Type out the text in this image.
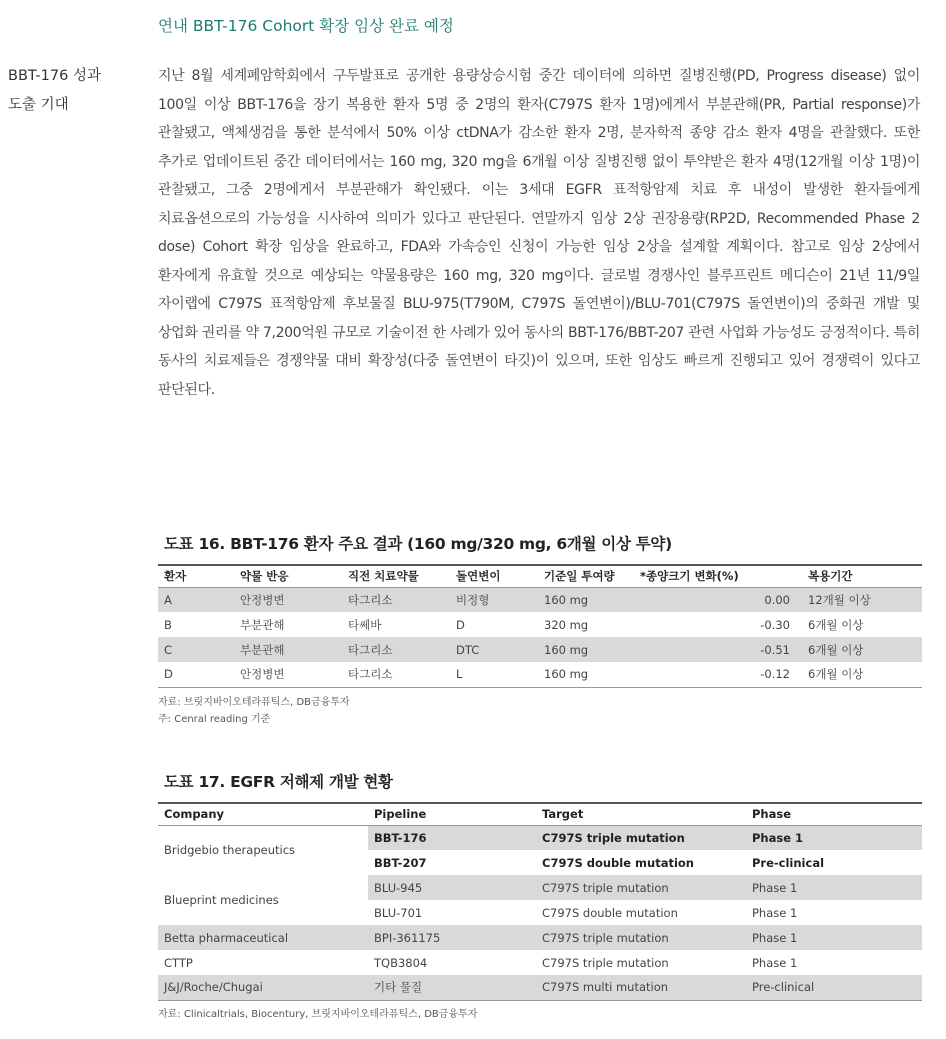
연내 BBT-176 Cohort 확장 임상 완료 예정
BBT-176 성과
도출 기대
지난 8월 세계폐암학회에서 구두발표로 공개한 용량상승시험 중간 데이터에 의하면 질병진행(PD, Progress disease) 없이 100일 이상 BBT-176을 장기 복용한 환자 5명 중 2명의 환자(C797S 환자 1명)에게서 부분관해(PR, Partial response)가 관찰됐고, 액체생검을 통한 분석에서 50% 이상 ctDNA가 감소한 환자 2명, 분자학적 종양 감소 환자 4명을 관찰했다. 또한 추가로 업데이트된 중간 데이터에서는 160 mg, 320 mg을 6개월 이상 질병진행 없이 투약받은 환자 4명(12개월 이상 1명)이 관찰됐고, 그중 2명에게서 부분관해가 확인됐다. 이는 3세대 EGFR 표적항암제 치료 후 내성이 발생한 환자들에게 치료옵션으로의 가능성을 시사하여 의미가 있다고 판단된다. 연말까지 임상 2상 권장용량(RP2D, Recommended Phase 2 dose) Cohort 확장 임상을 완료하고, FDA와 가속승인 신청이 가능한 임상 2상을 설계할 계획이다. 참고로 임상 2상에서 환자에게 유효할 것으로 예상되는 약물용량은 160 mg, 320 mg이다. 글로벌 경쟁사인 블루프린트 메디슨이 21년 11/9일 자이랩에 C797S 표적항암제 후보물질 BLU-975(T790M, C797S 돌연변이)/BLU-701(C797S 돌연변이)의 중화권 개발 및 상업화 권리를 약 7,200억원 규모로 기술이전 한 사례가 있어 동사의 BBT-176/BBT-207 관련 사업화 가능성도 긍정적이다. 특히 동사의 치료제들은 경쟁약물 대비 확장성(다중 돌연변이 타깃)이 있으며, 또한 임상도 빠르게 진행되고 있어 경쟁력이 있다고 판단된다.
도표 16. BBT-176 환자 주요 결과 (160 mg/320 mg, 6개월 이상 투약)
환자	약물 반응	직전 치료약물	돌연변이	기준일 투여량	*종양크기 변화(%)	복용기간
A	안정병변	타그리소	비정형	160 mg	0.00	12개월 이상
B	부분관해	타쎄바	D	320 mg	-0.30	6개월 이상
C	부분관해	타그리소	DTC	160 mg	-0.51	6개월 이상
D	안정병변	타그리소	L	160 mg	-0.12	6개월 이상
자료: 브릿지바이오테라퓨틱스, DB금융투자
주: Cenral reading 기준
도표 17. EGFR 저해제 개발 현황
Company	Pipeline	Target	Phase
Bridgebio therapeutics	BBT-176	C797S triple mutation	Phase 1
	BBT-207	C797S double mutation	Pre-clinical
Blueprint medicines	BLU-945	C797S triple mutation	Phase 1
	BLU-701	C797S double mutation	Phase 1
Betta pharmaceutical	BPI-361175	C797S triple mutation	Phase 1
CTTP	TQB3804	C797S triple mutation	Phase 1
J&J/Roche/Chugai	기타 물질	C797S multi mutation	Pre-clinical
자료: Clinicaltrials, Biocentury, 브릿지바이오테라퓨틱스, DB금융투자
